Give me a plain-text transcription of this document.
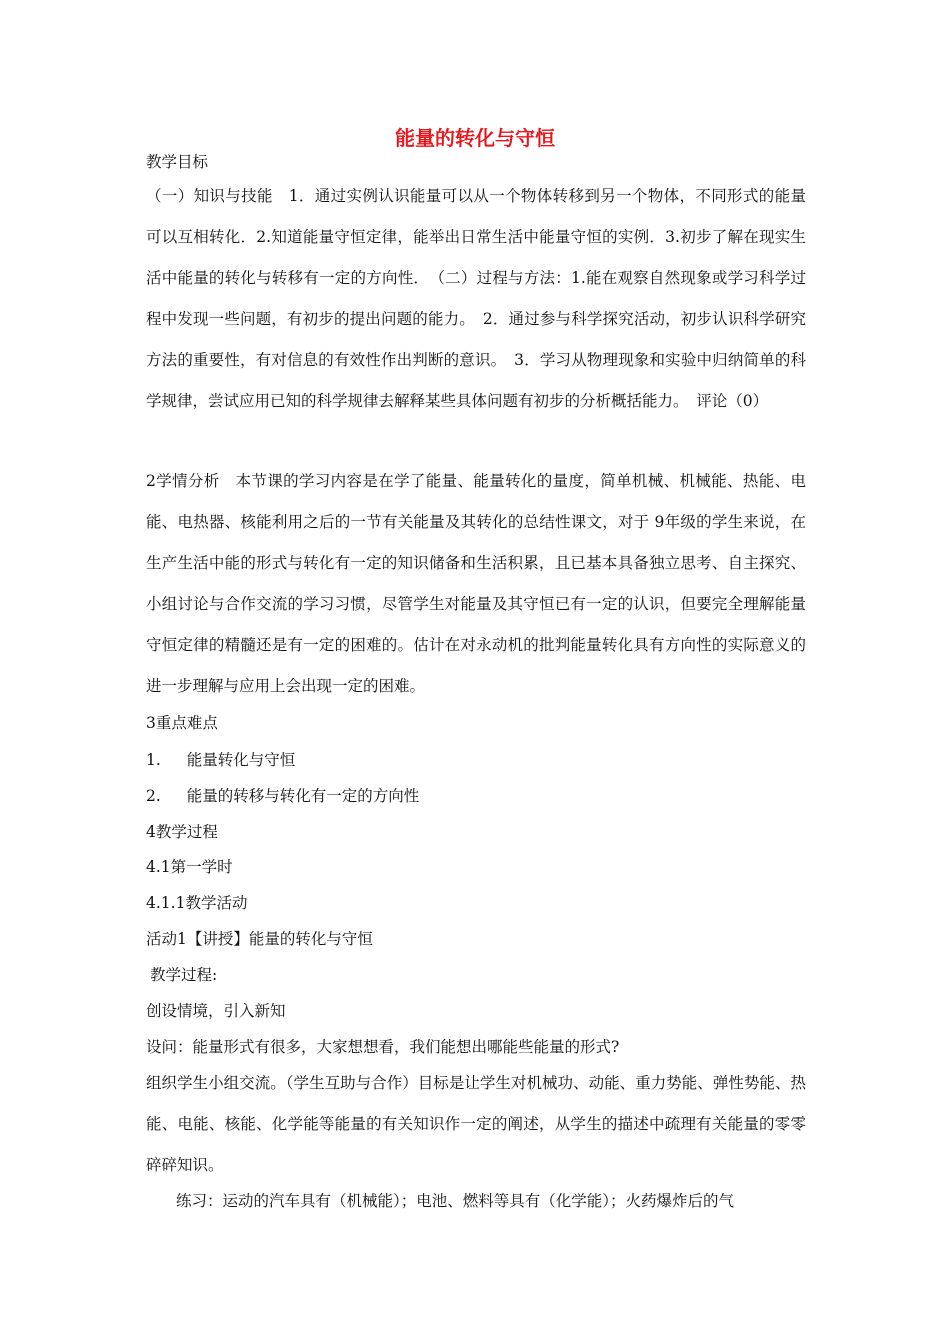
能量的转化与守恒
教学目标
（一）知识与技能　1．通过实例认识能量可以从一个物体转移到另一个物体，不同形式的能量可以互相转化．2.知道能量守恒定律，能举出日常生活中能量守恒的实例．3.初步了解在现实生活中能量的转化与转移有一定的方向性．　（二）过程与方法：1.能在观察自然现象或学习科学过程中发现一些问题，有初步的提出问题的能力。　2．通过参与科学探究活动，初步认识科学研究方法的重要性，有对信息的有效性作出判断的意识。　3．学习从物理现象和实验中归纳简单的科学规律，尝试应用已知的科学规律去解释某些具体问题有初步的分析概括能力。　评论（0）
2学情分析　本节课的学习内容是在学了能量、能量转化的量度，简单机械、机械能、热能、电能、电热器、核能利用之后的一节有关能量及其转化的总结性课文，对于 9年级的学生来说，在生产生活中能的形式与转化有一定的知识储备和生活积累，且已基本具备独立思考、自主探究、小组讨论与合作交流的学习习惯，尽管学生对能量及其守恒已有一定的认识，但要完全理解能量守恒定律的精髓还是有一定的困难的。估计在对永动机的批判能量转化具有方向性的实际意义的进一步理解与应用上会出现一定的困难。
3重点难点
1. 能量转化与守恒
2. 能量的转移与转化有一定的方向性
4教学过程
4.1第一学时
4.1.1教学活动
活动1【讲授】能量的转化与守恒
教学过程:
创设情境，引入新知
设问：能量形式有很多，大家想想看，我们能想出哪能些能量的形式?
组织学生小组交流。（学生互助与合作）目标是让学生对机械功、动能、重力势能、弹性势能、热能、电能、核能、化学能等能量的有关知识作一定的阐述，从学生的描述中疏理有关能量的零零碎碎知识。
练习：运动的汽车具有（机械能）；电池、燃料等具有（化学能）；火药爆炸后的气
